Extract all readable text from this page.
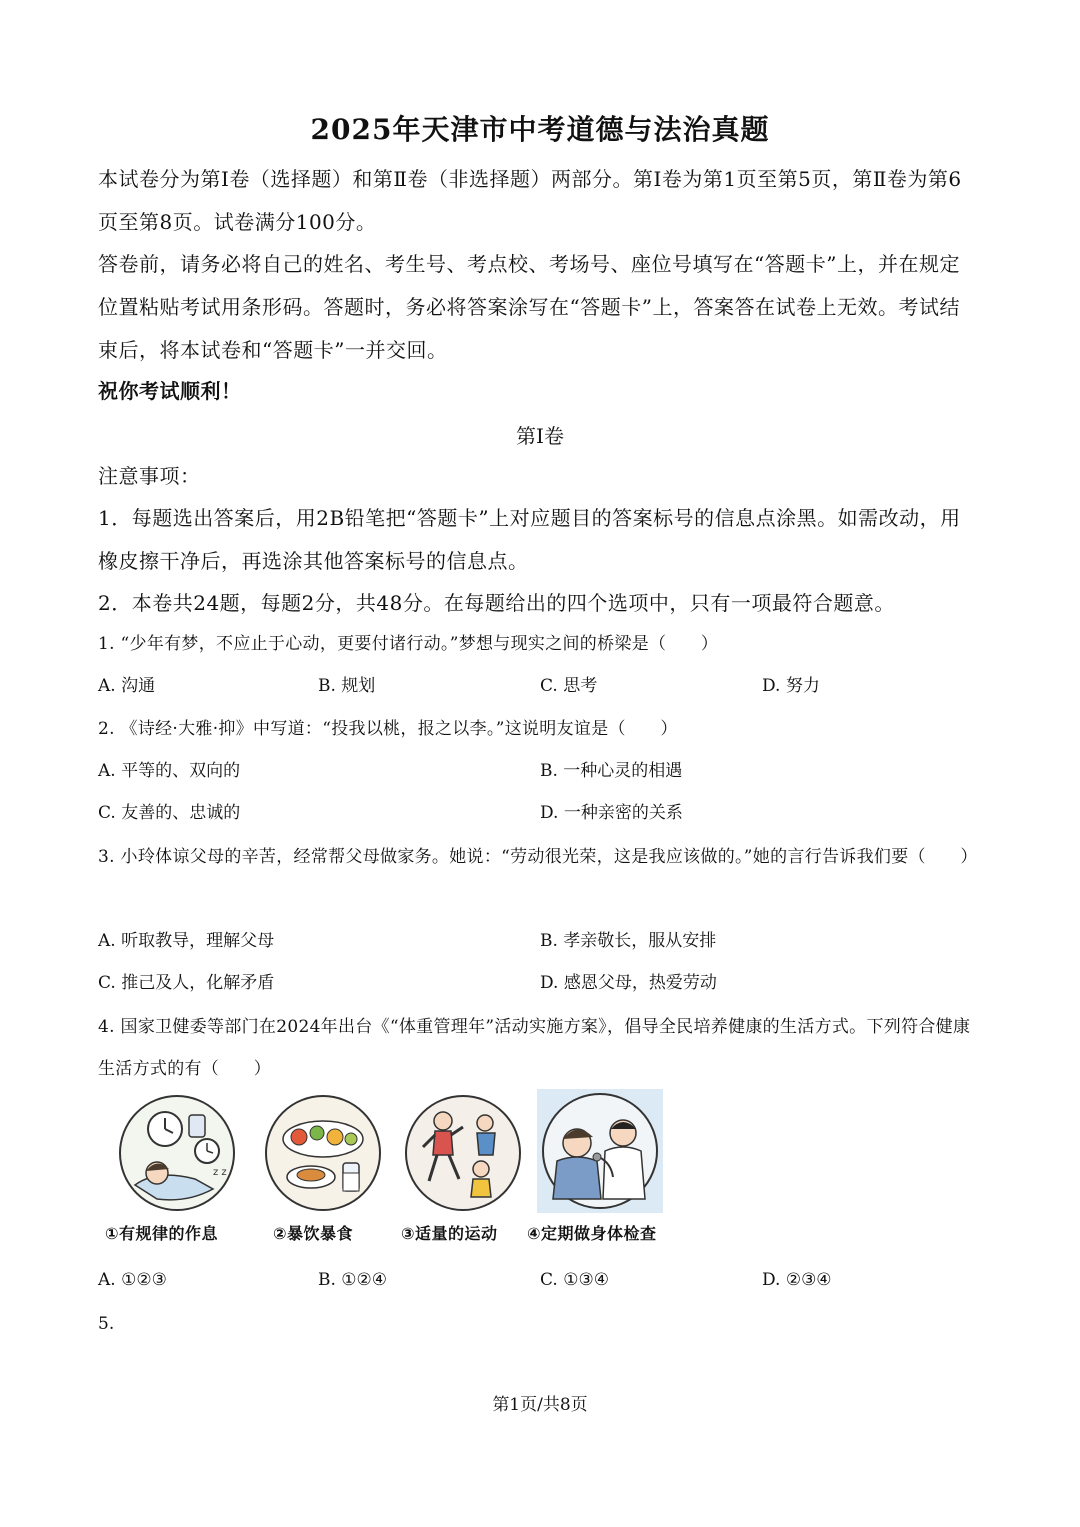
2025年天津市中考道德与法治真题

本试卷分为第Ⅰ卷（选择题）和第Ⅱ卷（非选择题）两部分。第Ⅰ卷为第1页至第5页，第Ⅱ卷为第6页至第8页。试卷满分100分。

答卷前，请务必将自己的姓名、考生号、考点校、考场号、座位号填写在“答题卡”上，并在规定位置粘贴考试用条形码。答题时，务必将答案涂写在“答题卡”上，答案答在试卷上无效。考试结束后，将本试卷和“答题卡”一并交回。

祝你考试顺利！

第Ⅰ卷

注意事项：

1．每题选出答案后，用2B铅笔把“答题卡”上对应题目的答案标号的信息点涂黑。如需改动，用橡皮擦干净后，再选涂其他答案标号的信息点。

2．本卷共24题，每题2分，共48分。在每题给出的四个选项中，只有一项最符合题意。

1. “少年有梦，不应止于心动，更要付诸行动。”梦想与现实之间的桥梁是（　　）
A. 沟通	B. 规划	C. 思考	D. 努力
2. 《诗经·大雅·抑》中写道：“投我以桃，报之以李。”这说明友谊是（　　）
A. 平等的、双向的	B. 一种心灵的相遇
C. 友善的、忠诚的	D. 一种亲密的关系
3. 小玲体谅父母的辛苦，经常帮父母做家务。她说：“劳动很光荣，这是我应该做的。”她的言行告诉我们要（　　）
A. 听取教导，理解父母	B. 孝亲敬长，服从安排
C. 推己及人，化解矛盾	D. 感恩父母，热爱劳动
4. 国家卫健委等部门在2024年出台《“体重管理年”活动实施方案》，倡导全民培养健康的生活方式。下列符合健康生活方式的有（　　）
z z
①有规律的作息	②暴饮暴食	③适量的运动 ④定期做身体检查
A. ①②③	B. ①②④	C. ①③④	D. ②③④
5.
第1页/共8页
